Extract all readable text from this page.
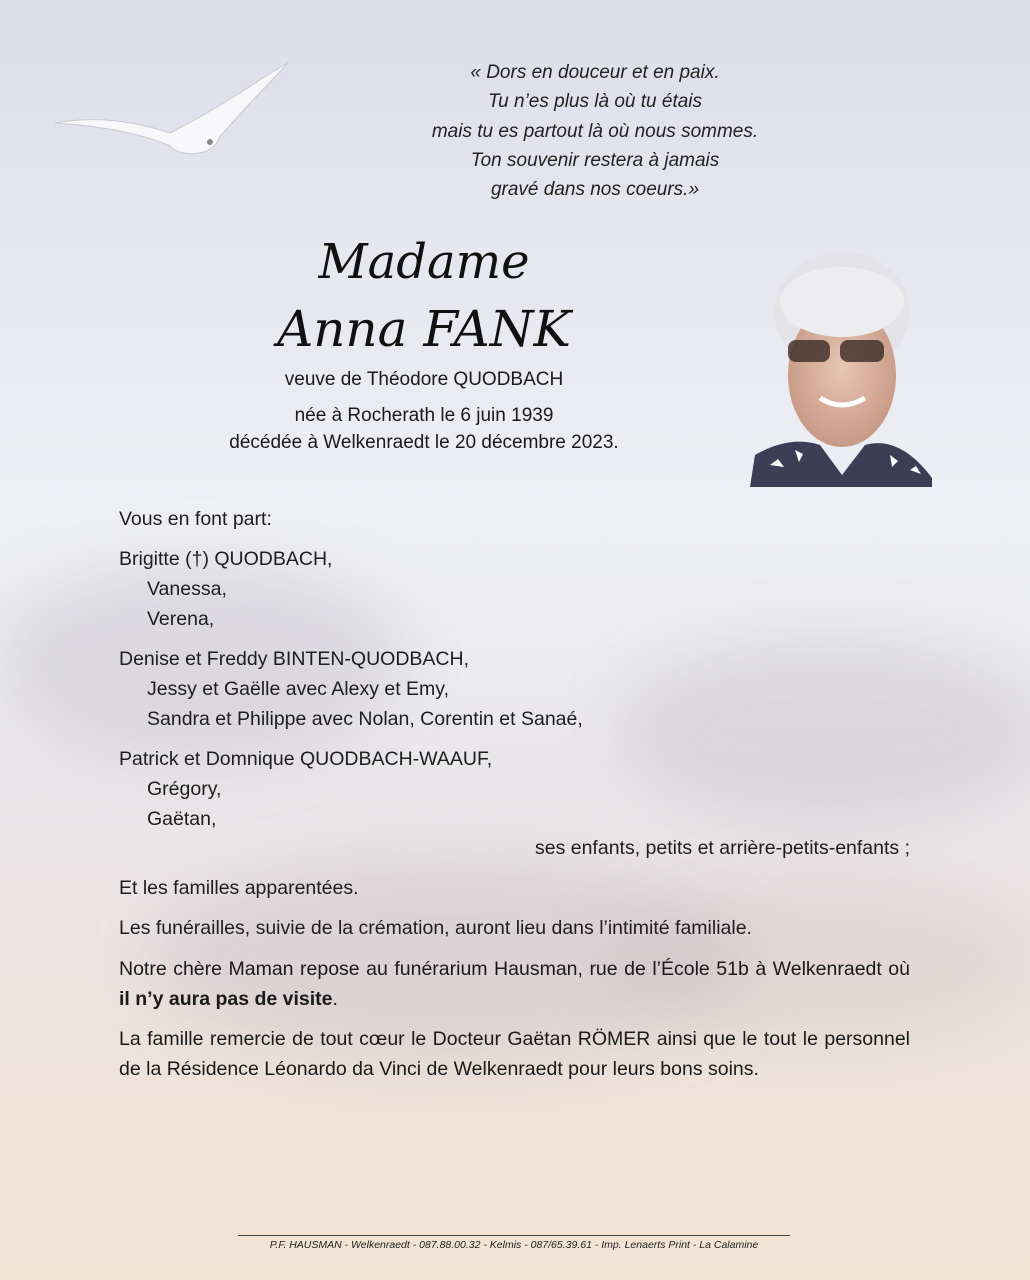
« Dors en douceur et en paix.
Tu n’es plus là où tu étais
mais tu es partout là où nous sommes.
Ton souvenir restera à jamais
gravé dans nos coeurs.»
Madame
Anna FANK
veuve de Théodore QUODBACH
née à Rocherath le 6 juin 1939
décédée à Welkenraedt le 20 décembre 2023.
Vous en font part:
Brigitte (†) QUODBACH,
Vanessa,
Verena,
Denise et Freddy BINTEN-QUODBACH,
Jessy et Gaëlle avec Alexy et Emy,
Sandra et Philippe avec Nolan, Corentin et Sanaé,
Patrick et Domnique QUODBACH-WAAUF,
Grégory,
Gaëtan,
ses enfants, petits et arrière-petits-enfants ;
Et les familles apparentées.
Les funérailles, suivie de la crémation, auront lieu dans l’intimité familiale.
Notre chère Maman repose au funérarium Hausman, rue de l’École 51b à Welkenraedt où il n’y aura pas de visite.
La famille remercie de tout cœur le Docteur Gaëtan RÖMER ainsi que le tout le personnel de la Résidence Léonardo da Vinci de Welkenraedt pour leurs bons soins.
P.F. HAUSMAN - Welkenraedt - 087.88.00.32 - Kelmis - 087/65.39.61 - Imp. Lenaerts Print - La Calamine
